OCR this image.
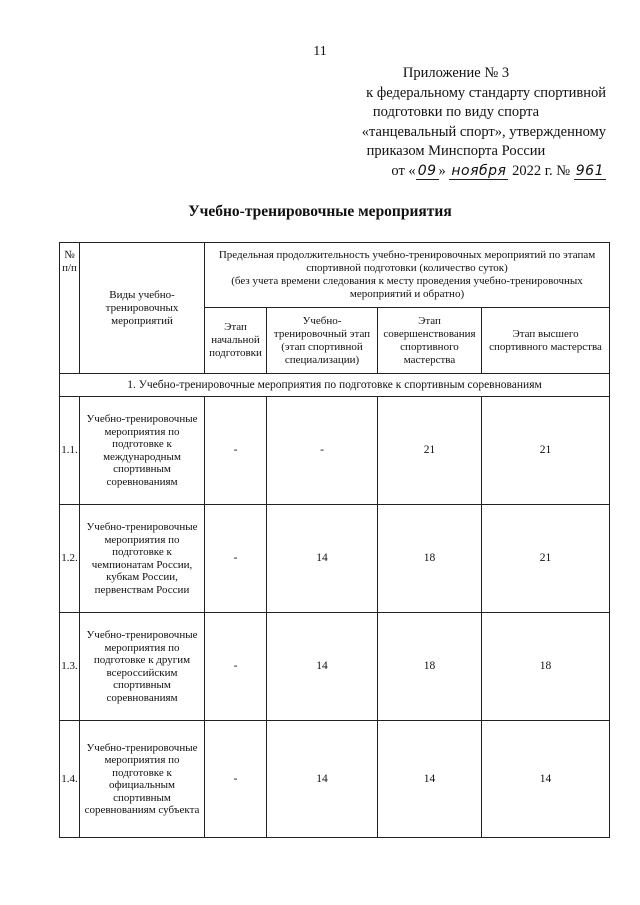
11
Приложение № 3
к федеральному стандарту спортивной
подготовки по виду спорта
«танцевальный спорт», утвержденному
приказом Минспорта России
от « 09 » ноября 2022 г. № 961
Учебно-тренировочные мероприятия
№ п/п	Виды учебно-тренировочных мероприятий	Предельная продолжительность учебно-тренировочных мероприятий по этапам спортивной подготовки (количество суток)
(без учета времени следования к месту проведения учебно-тренировочных мероприятий и обратно)			

		Этап начальной подготовки	Учебно-тренировочный этап (этап спортивной специализации)	Этап совершенствования спортивного мастерства	Этап высшего спортивного мастерства
1. Учебно-тренировочные мероприятия по подготовке к спортивным соревнованиям					
1.1.	Учебно-тренировочные мероприятия по подготовке к международным спортивным соревнованиям	-	-	21	21
1.2.	Учебно-тренировочные мероприятия по подготовке к чемпионатам России, кубкам России, первенствам России	-	14	18	21
1.3.	Учебно-тренировочные мероприятия по подготовке к другим всероссийским спортивным соревнованиям	-	14	18	18
1.4.	Учебно-тренировочные мероприятия по подготовке к официальным спортивным соревнованиям субъекта	-	14	14	14
